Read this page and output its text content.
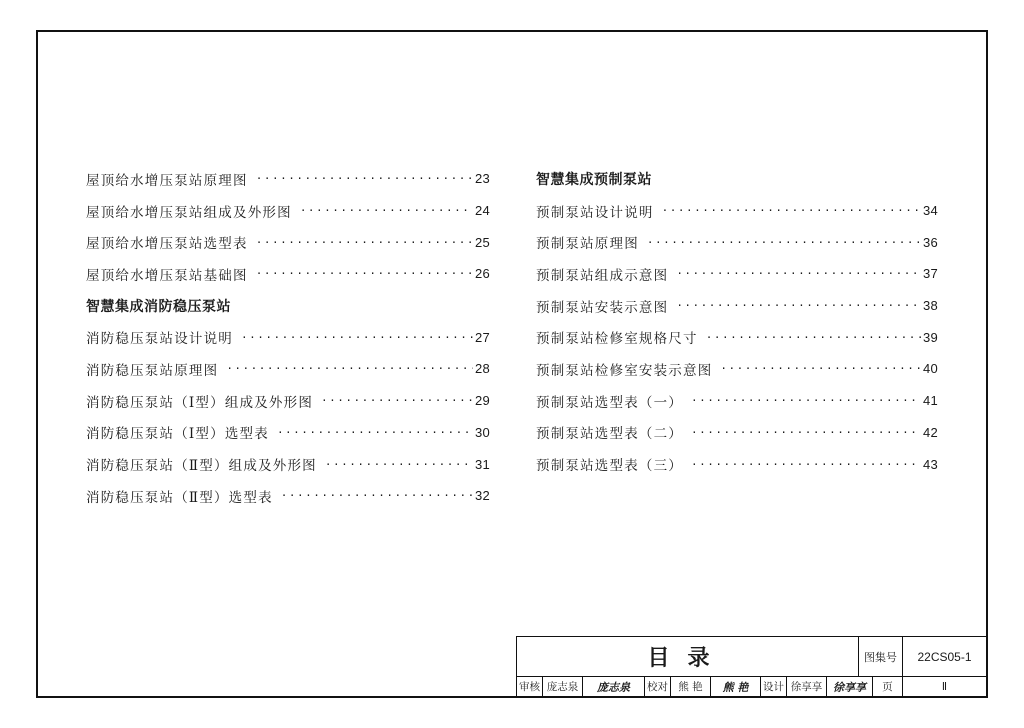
屋顶给水增压泵站原理图 ·····	23
屋顶给水增压泵站组成及外形图 ·····	24
屋顶给水增压泵站选型表 ·····	25
屋顶给水增压泵站基础图 ·····	26
智慧集成消防稳压泵站
消防稳压泵站设计说明 ·····	27
消防稳压泵站原理图 ·····	28
消防稳压泵站（Ⅰ型）组成及外形图 ·····	29
消防稳压泵站（Ⅰ型）选型表 ·····	30
消防稳压泵站（Ⅱ型）组成及外形图 ·····	31
消防稳压泵站（Ⅱ型）选型表 ·····	32
智慧集成预制泵站
预制泵站设计说明 ·····	34
预制泵站原理图 ·····	36
预制泵站组成示意图 ·····	37
预制泵站安装示意图 ·····	38
预制泵站检修室规格尺寸 ·····	39
预制泵站检修室安装示意图 ·····	40
预制泵站选型表（一） ·····	41
预制泵站选型表（二） ·····	42
预制泵站选型表（三） ·····	43
目录	图集号	22CS05-1
审核 庞志泉	庞志泉	校对 熊 艳	熊 艳	设计 徐享享 徐享享	页	Ⅱ
